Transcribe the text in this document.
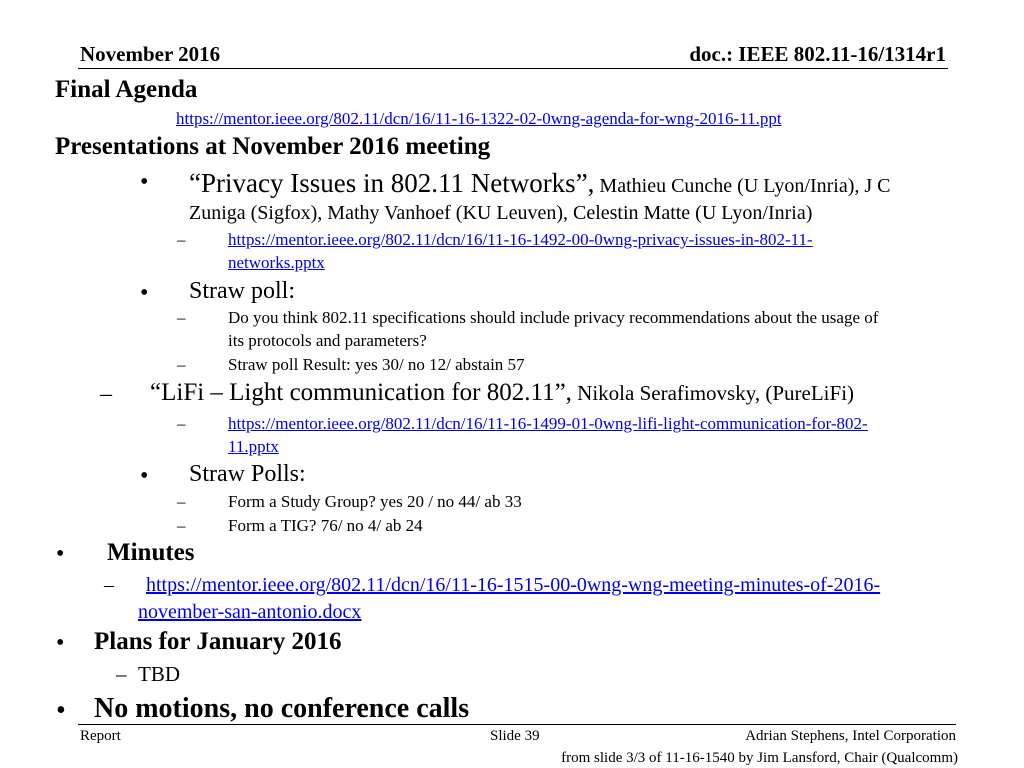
November 2016	doc.: IEEE 802.11-16/1314r1
Final Agenda
https://mentor.ieee.org/802.11/dcn/16/11-16-1322-02-0wng-agenda-for-wng-2016-11.ppt
Presentations at November 2016 meeting
• “Privacy Issues in 802.11 Networks”, Mathieu Cunche (U Lyon/Inria), J C
Zuniga (Sigfox), Mathy Vanhoef (KU Leuven), Celestin Matte (U Lyon/Inria)
–	https://mentor.ieee.org/802.11/dcn/16/11-16-1492-00-0wng-privacy-issues-in-802-11-
networks.pptx
• Straw poll:
–	Do you think 802.11 specifications should include privacy recommendations about the usage of
its protocols and parameters?
–	Straw poll Result: yes 30/ no 12/ abstain 57
– “LiFi – Light communication for 802.11”, Nikola Serafimovsky, (PureLiFi)
–	https://mentor.ieee.org/802.11/dcn/16/11-16-1499-01-0wng-lifi-light-communication-for-802-
11.pptx
• Straw Polls:
–	Form a Study Group? yes 20 / no 44/ ab 33
–	Form a TIG? 76/ no 4/ ab 24
• Minutes
– https://mentor.ieee.org/802.11/dcn/16/11-16-1515-00-0wng-wng-meeting-minutes-of-2016-
november-san-antonio.docx
• Plans for January 2016
– TBD
• No motions, no conference calls
Report	Slide 39	Adrian Stephens, Intel Corporation
from slide 3/3 of 11-16-1540 by Jim Lansford, Chair (Qualcomm)
